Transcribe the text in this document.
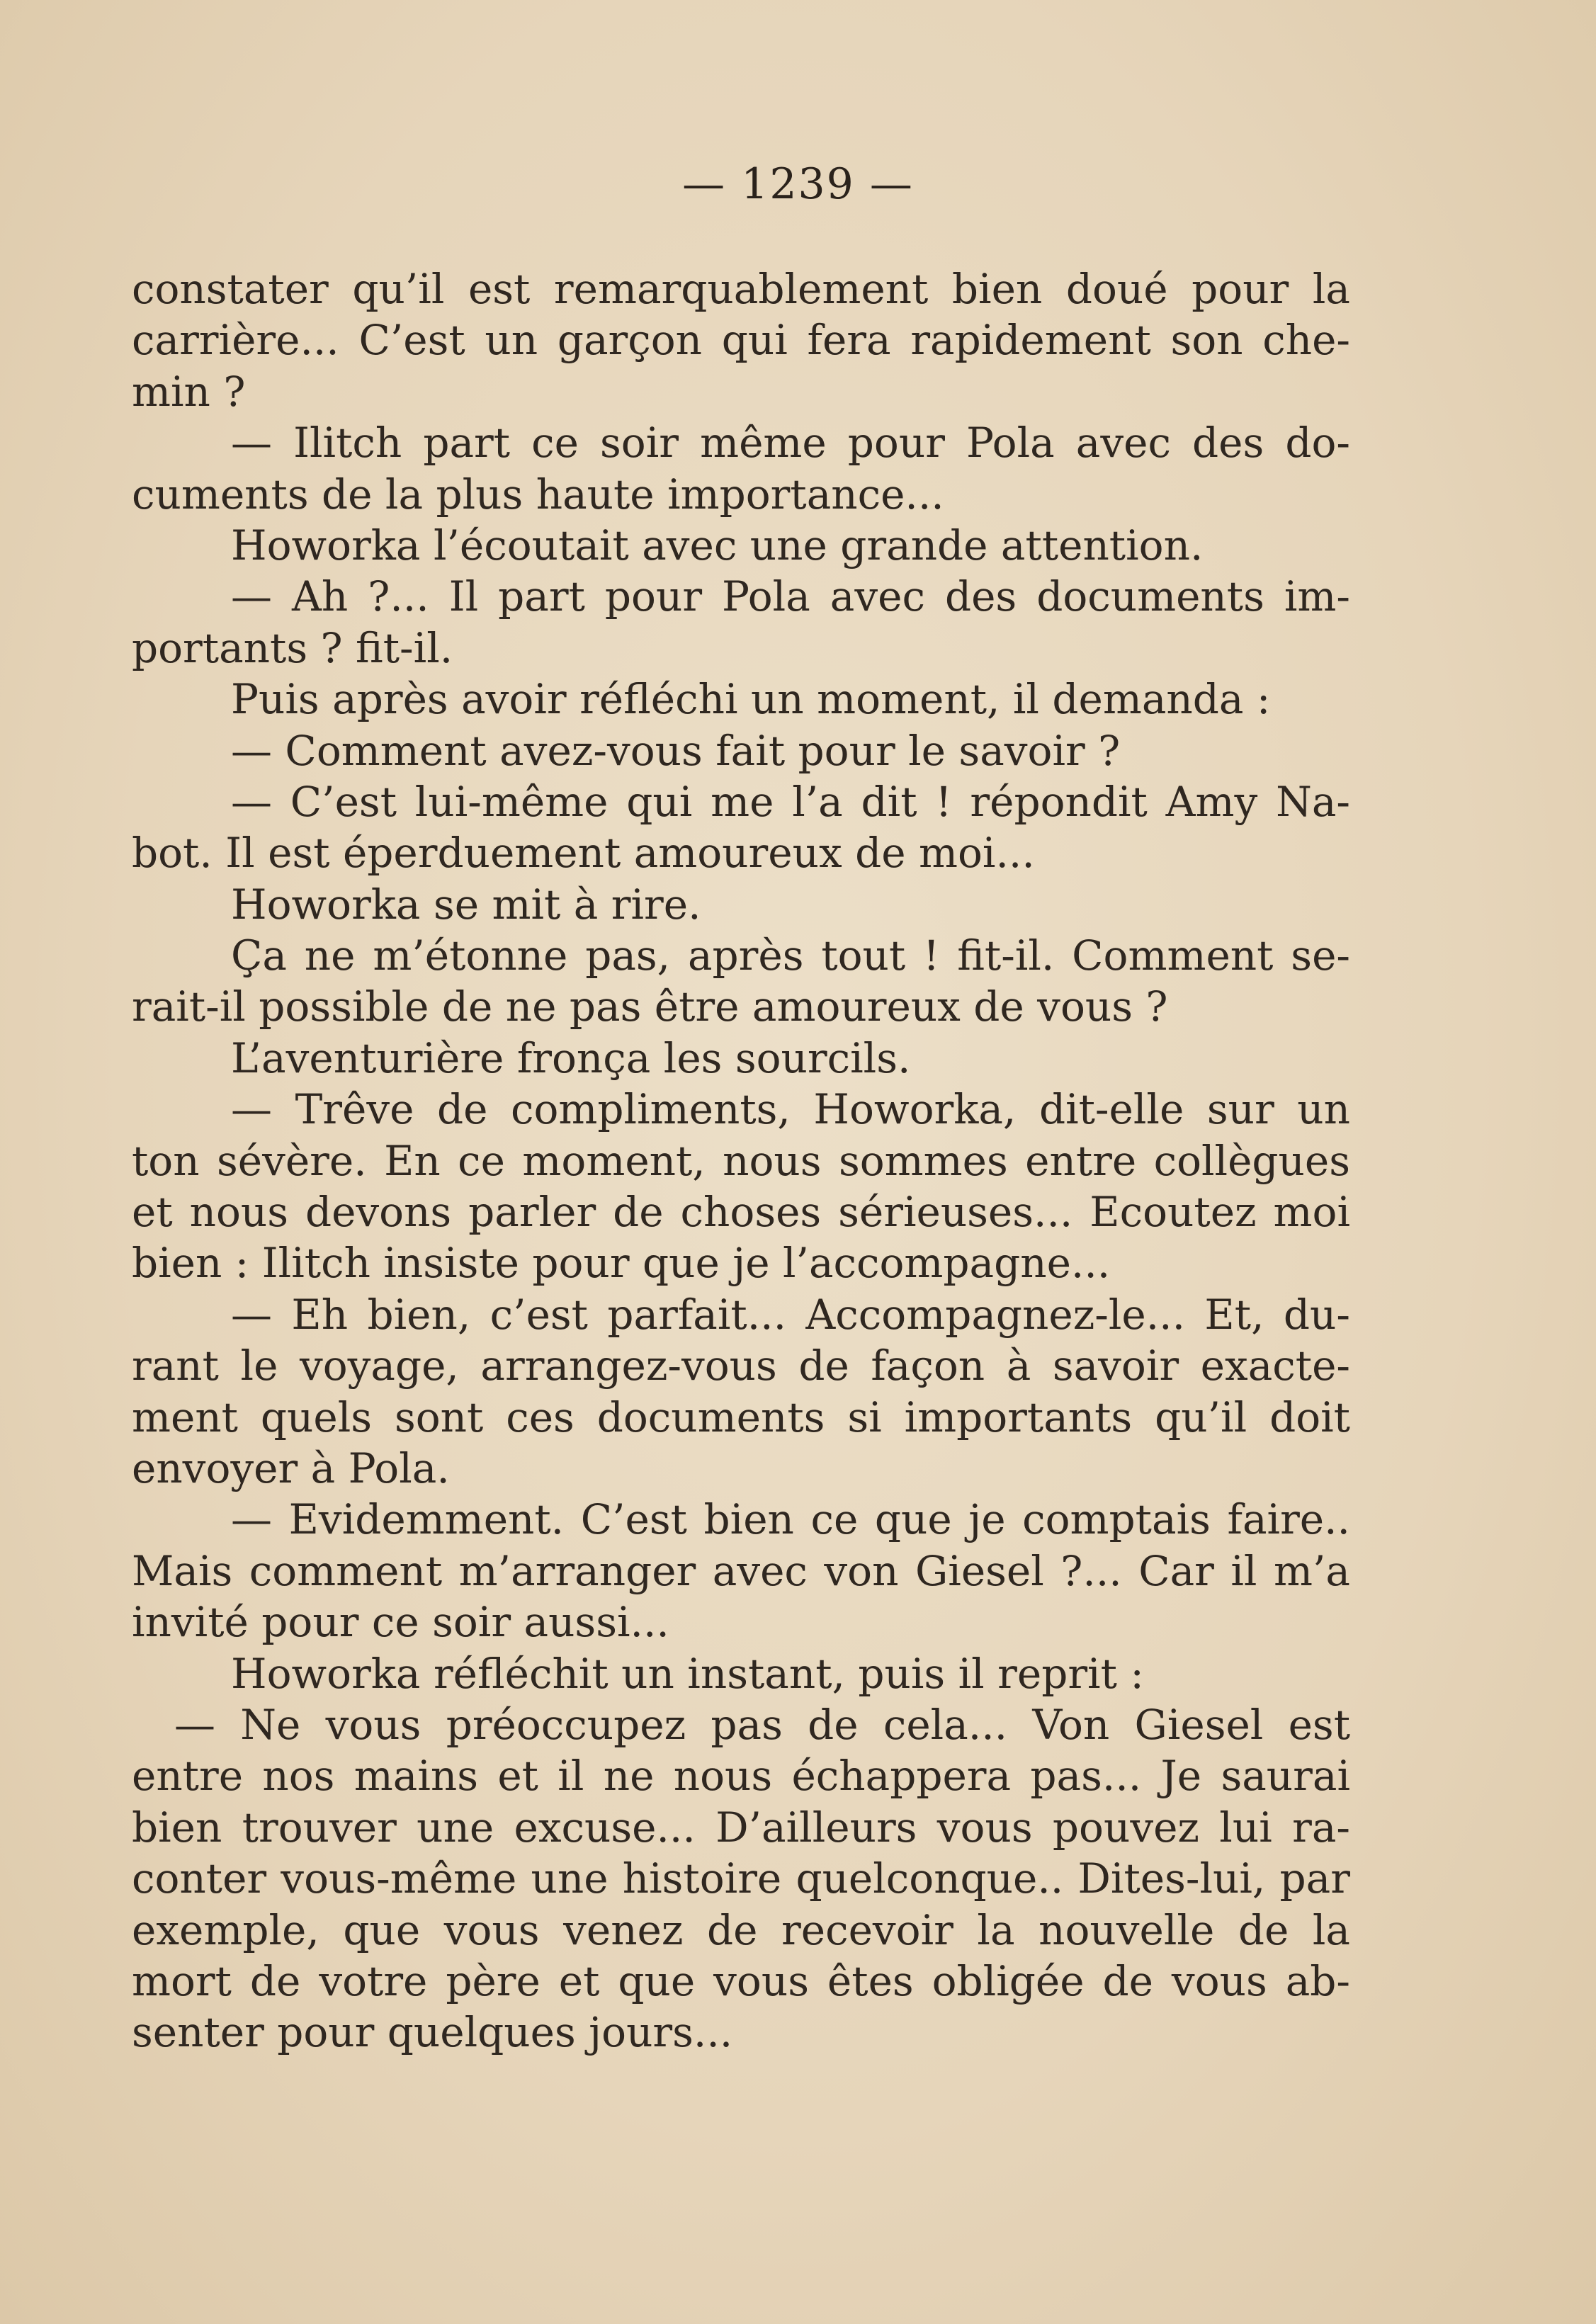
— 1239 —
constater qu’il est remarquablement bien doué pour la
carrière... C’est un garçon qui fera rapidement son che-
min ?
— Ilitch part ce soir même pour Pola avec des do-
cuments de la plus haute importance...
Howorka l’écoutait avec une grande attention.
— Ah ?... Il part pour Pola avec des documents im-
portants ? fit-il.
Puis après avoir réfléchi un moment, il demanda :
— Comment avez-vous fait pour le savoir ?
— C’est lui-même qui me l’a dit ! répondit Amy Na-
bot. Il est éperduement amoureux de moi...
Howorka se mit à rire.
Ça ne m’étonne pas, après tout ! fit-il. Comment se-
rait-il possible de ne pas être amoureux de vous ?
L’aventurière fronça les sourcils.
— Trêve de compliments, Howorka, dit-elle sur un
ton sévère. En ce moment, nous sommes entre collègues
et nous devons parler de choses sérieuses... Ecoutez moi
bien : Ilitch insiste pour que je l’accompagne...
— Eh bien, c’est parfait... Accompagnez-le... Et, du-
rant le voyage, arrangez-vous de façon à savoir exacte-
ment quels sont ces documents si importants qu’il doit
envoyer à Pola.
— Evidemment. C’est bien ce que je comptais faire..
Mais comment m’arranger avec von Giesel ?... Car il m’a
invité pour ce soir aussi...
Howorka réfléchit un instant, puis il reprit :
— Ne vous préoccupez pas de cela... Von Giesel est
entre nos mains et il ne nous échappera pas... Je saurai
bien trouver une excuse... D’ailleurs vous pouvez lui ra-
conter vous-même une histoire quelconque.. Dites-lui, par
exemple, que vous venez de recevoir la nouvelle de la
mort de votre père et que vous êtes obligée de vous ab-
senter pour quelques jours...
